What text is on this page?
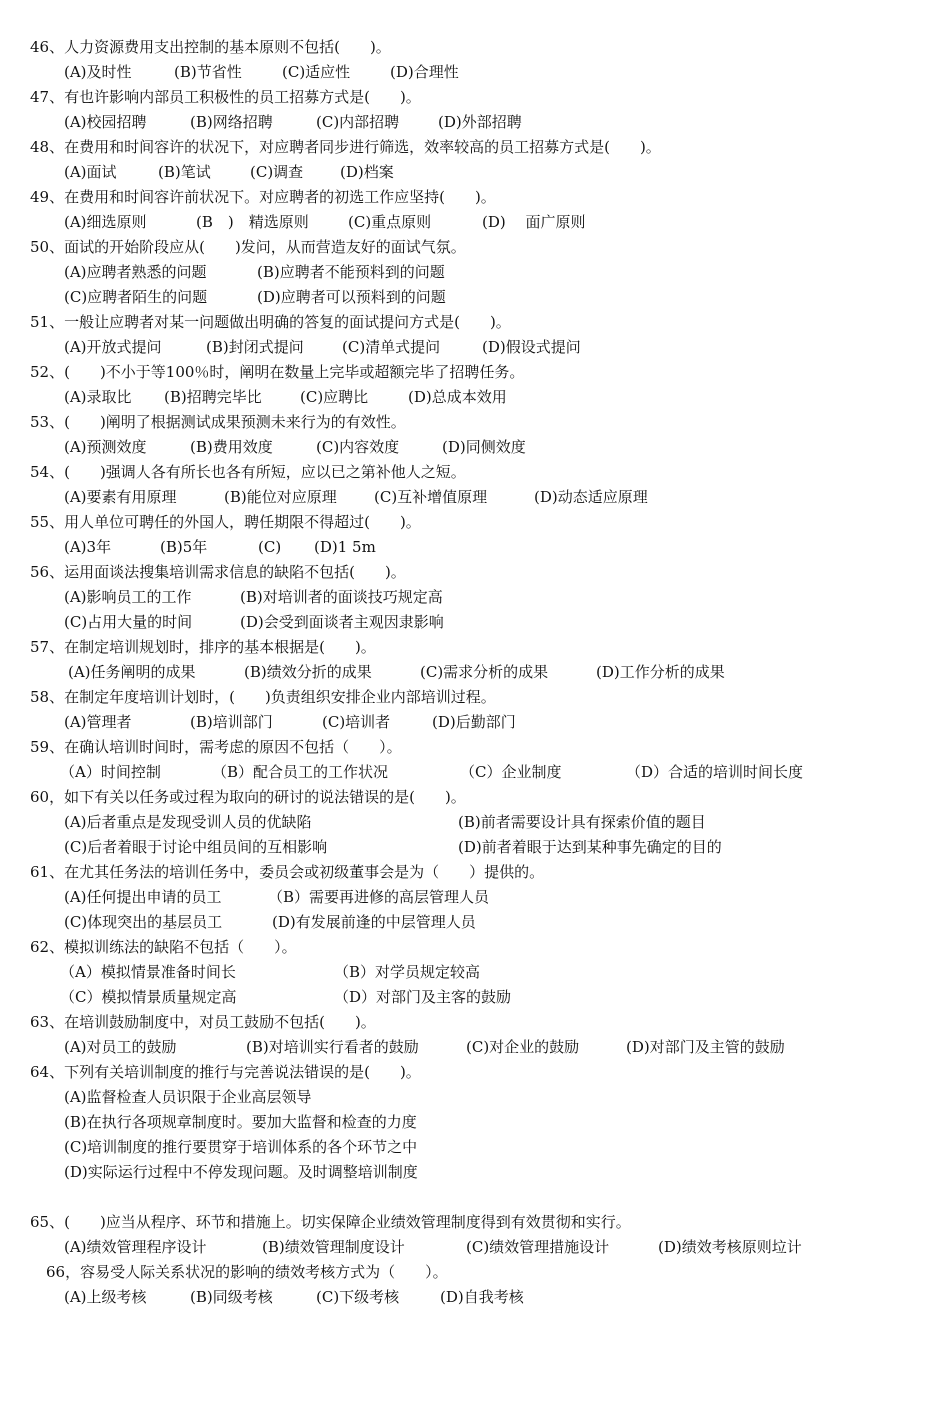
46、人力资源费用支出控制的基本原则不包括(　　)。

(A)及时性

	(B)节省性

	(C)适应性

	(D)合理性

47、有也许影响内部员工积极性的员工招募方式是(　　)。

(A)校园招聘

	(B)网络招聘

	(C)内部招聘

	(D)外部招聘

48、在费用和时间容许的状况下，对应聘者同步进行筛选，效率较高的员工招募方式是(　　)。

(A)面试

	(B)笔试

	(C)调查

(D)档案

49、在费用和时间容许前状况下。对应聘者的初选工作应坚持(　　)。

(A)细选原则

	(B　)　精选原则

	(C)重点原则

	(D)　 面广原则

50、面试的开始阶段应从(　　)发问，从而营造友好的面试气氛。

(A)应聘者熟悉的问题

	(B)应聘者不能预料到的问题

(C)应聘者陌生的问题

	(D)应聘者可以预料到的问题

51、一般让应聘者对某一问题做出明确的答复的面试提问方式是(　　)。

(A)开放式提问

	(B)封闭式提问

	(C)清单式提问

	(D)假设式提问

52、(　　)不小于等100％时，阐明在数量上完毕或超额完毕了招聘任务。

(A)录取比

(B)招聘完毕比

	(C)应聘比

	(D)总成本效用

53、(　　)阐明了根据测试成果预测未来行为的有效性。

(A)预测效度

	(B)费用效度

	(C)内容效度

	(D)同侧效度

54、(　　)强调人各有所长也各有所短，应以已之第补他人之短。

(A)要素有用原理

	(B)能位对应原理

(C)互补增值原理

	(D)动态适应原理

55、用人单位可聘任的外国人，聘任期限不得超过(　　)。

(A)3年

	(B)5年

	(C)

(D)1 5m

56、运用面谈法搜集培训需求信息的缺陷不包括(　　)。

(A)影响员工的工作

	(B)对培训者的面谈技巧规定高

(C)占用大量的时间

	(D)会受到面谈者主观因隶影响

57、在制定培训规划时，排序的基本根据是(　　)。

(A)任务阐明的成果

	(B)绩效分折的成果

	(C)需求分析的成果

	(D)工作分析的成果

58、在制定年度培训计划时，(　　)负责组织安排企业内部培训过程。

(A)管理者

	(B)培训部门

	(C)培训者

	(D)后勤部门

59、在确认培训时间时，需考虑的原因不包括（　　）。

（A）时间控制

	（B）配合员工的工作状况

	（C）企业制度

	（D）合适的培训时间长度

60，如下有关以任务或过程为取向的研讨的说法错误的是(　　)。

(A)后者重点是发现受训人员的优缺陷

	(B)前者需要设计具有探索价值的题目

(C)后者着眼于讨论中组员间的互相影响

	(D)前者着眼于达到某种事先确定的目的

61、在尤其任务法的培训任务中，委员会或初级董事会是为（　　）提供的。

(A)任何提出申请的员工

	（B）需要再进修的高层管理人员

(C)体现突出的基层员工

	(D)有发展前逢的中层管理人员

62、模拟训练法的缺陷不包括（　　）。

（A）模拟情景准备时间长

	（B）对学员规定较高

（C）模拟情景质量规定高

	（D）对部门及主客的鼓励

63、在培训鼓励制度中，对员工鼓励不包括(　　)。

(A)对员工的鼓励

	(B)对培训实行看者的鼓励

	(C)对企业的鼓励

	(D)对部门及主管的鼓励

64、下列有关培训制度的推行与完善说法错误的是(　　)。
(A)监督检查人员识限于企业高层领导
(B)在执行各项规章制度时。要加大监督和检查的力度
(C)培训制度的推行要贯穿于培训体系的各个环节之中
(D)实际运行过程中不停发现问题。及时调整培训制度
65、(　　)应当从程序、环节和措施上。切实保障企业绩效管理制度得到有效贯彻和实行。

(A)绩效管理程序设计

	(B)绩效管理制度设计

	(C)绩效管理措施设计

	(D)绩效考核原则垃计

66，容易受人际关系状况的影响的绩效考核方式为（　　）。

(A)上级考核

	(B)同级考核

	(C)下级考核

	(D)自我考核
